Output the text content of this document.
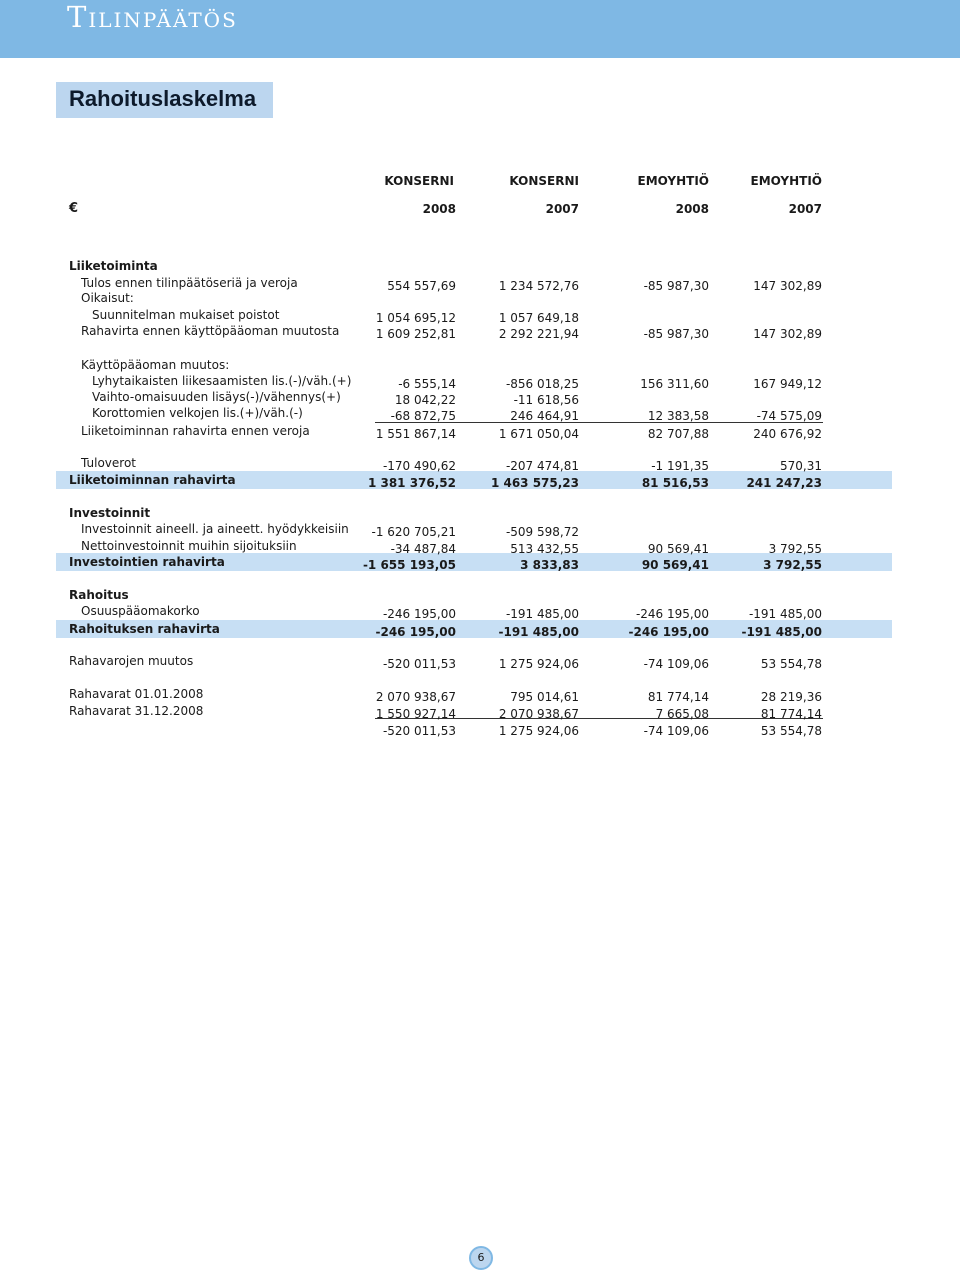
Tilinpäätös
Rahoituslaskelma
KONSERNI	KONSERNI	EMOYHTIÖ	EMOYHTIÖ
€	2008	2007	2008	2007
Liiketoiminta
Tulos ennen tilinpäätöseriä ja veroja	554 557,69	1 234 572,76	-85 987,30	147 302,89
Oikaisut:
Suunnitelman mukaiset poistot	1 054 695,12	1 057 649,18
Rahavirta ennen käyttöpääoman muutosta	1 609 252,81	2 292 221,94	-85 987,30	147 302,89
Käyttöpääoman muutos:
Lyhytaikaisten liikesaamisten lis.(-)/väh.(+)	-6 555,14	-856 018,25	156 311,60	167 949,12
Vaihto-omaisuuden lisäys(-)/vähennys(+)	18 042,22	-11 618,56
Korottomien velkojen lis.(+)/väh.(-)	-68 872,75	246 464,91	12 383,58	-74 575,09
Liiketoiminnan rahavirta ennen veroja	1 551 867,14	1 671 050,04	82 707,88	240 676,92
Tuloverot	-170 490,62	-207 474,81	-1 191,35	570,31
Liiketoiminnan rahavirta	1 381 376,52	1 463 575,23	81 516,53	241 247,23
Investoinnit
Investoinnit aineell. ja aineett. hyödykkeisiin	-1 620 705,21	-509 598,72
Nettoinvestoinnit muihin sijoituksiin	-34 487,84	513 432,55	90 569,41	3 792,55
Investointien rahavirta	-1 655 193,05	3 833,83	90 569,41	3 792,55
Rahoitus
Osuuspääomakorko	-246 195,00	-191 485,00	-246 195,00	-191 485,00
Rahoituksen rahavirta	-246 195,00	-191 485,00	-246 195,00	-191 485,00
Rahavarojen muutos	-520 011,53	1 275 924,06	-74 109,06	53 554,78
Rahavarat 01.01.2008	2 070 938,67	795 014,61	81 774,14	28 219,36
Rahavarat 31.12.2008	1 550 927,14	2 070 938,67	7 665,08	81 774,14
-520 011,53	1 275 924,06	-74 109,06	53 554,78
6
